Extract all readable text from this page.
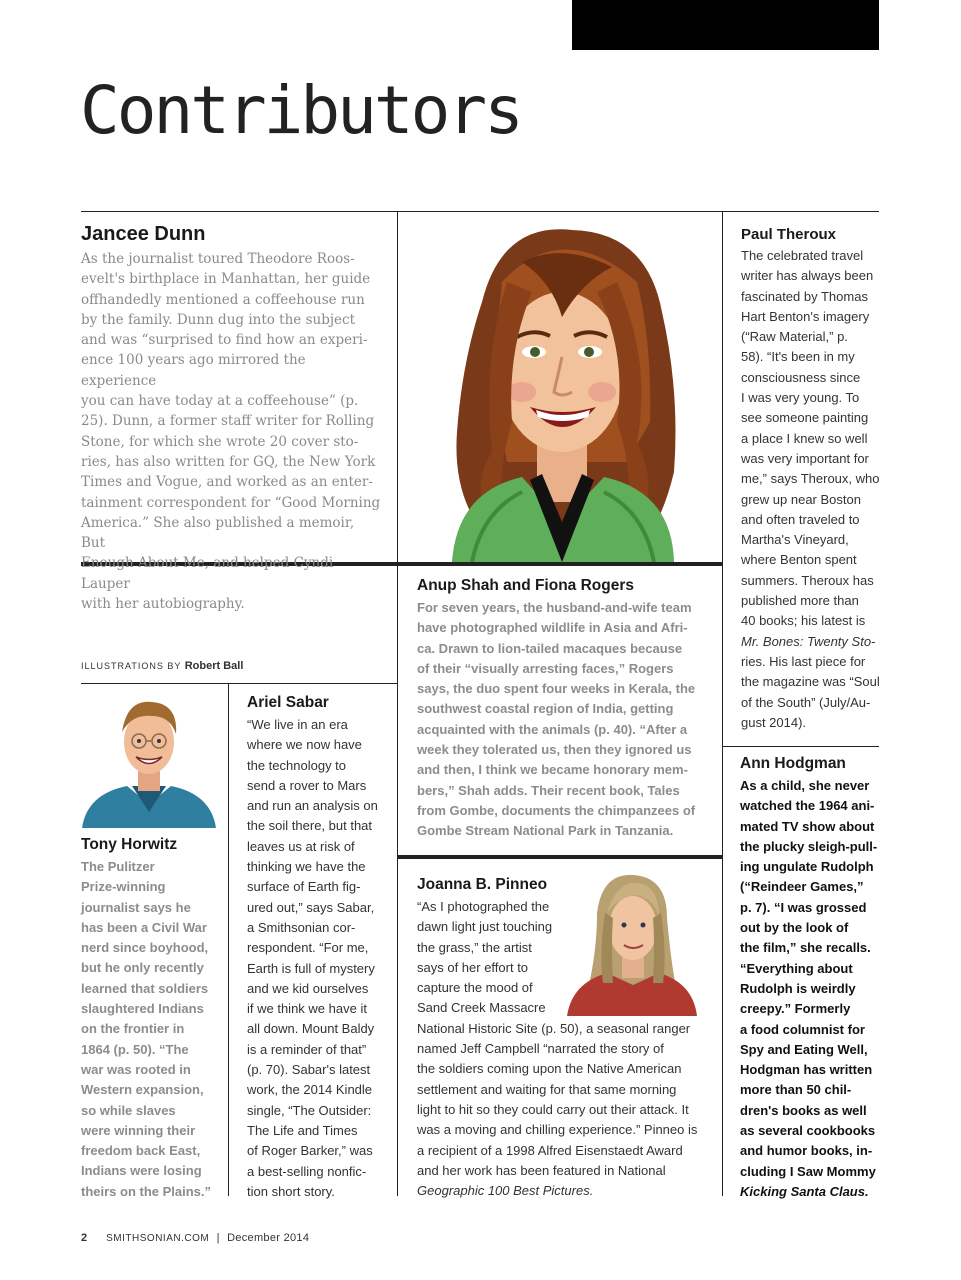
Contributors
Jancee Dunn
As the journalist toured Theodore Roos-
evelt's birthplace in Manhattan, her guide
offhandedly mentioned a coffeehouse run
by the family. Dunn dug into the subject
and was “surprised to find how an experi-
ence 100 years ago mirrored the experience
you can have today at a coffeehouse” (p.
25). Dunn, a former staff writer for Rolling
Stone, for which she wrote 20 cover sto-
ries, has also written for GQ, the New York
Times and Vogue, and worked as an enter-
tainment correspondent for “Good Morning
America.” She also published a memoir, But
Enough About Me, and helped Cyndi Lauper
with her autobiography.
Paul Theroux
The celebrated travel
writer has always been
fascinated by Thomas
Hart Benton's imagery
(“Raw Material,” p.
58). “It's been in my
consciousness since
I was very young. To
see someone painting
a place I knew so well
was very important for
me,” says Theroux, who
grew up near Boston
and often traveled to
Martha's Vineyard,
where Benton spent
summers. Theroux has
published more than
40 books; his latest is
Mr. Bones: Twenty Sto-
ries. His last piece for
the magazine was “Soul
of the South” (July/Au-
gust 2014).
Anup Shah and Fiona Rogers
For seven years, the husband-and-wife team
have photographed wildlife in Asia and Afri-
ca. Drawn to lion-tailed macaques because
of their “visually arresting faces,” Rogers
says, the duo spent four weeks in Kerala, the
southwest coastal region of India, getting
acquainted with the animals (p. 40). “After a
week they tolerated us, then they ignored us
and then, I think we became honorary mem-
bers,” Shah adds. Their recent book, Tales
from Gombe, documents the chimpanzees of
Gombe Stream National Park in Tanzania.
ILLUSTRATIONS BY Robert Ball
Tony Horwitz
The Pulitzer
Prize-winning
journalist says he
has been a Civil War
nerd since boyhood,
but he only recently
learned that soldiers
slaughtered Indians
on the frontier in
1864 (p. 50). “The
war was rooted in
Western expansion,
so while slaves
were winning their
freedom back East,
Indians were losing
theirs on the Plains.”
Ariel Sabar
“We live in an era
where we now have
the technology to
send a rover to Mars
and run an analysis on
the soil there, but that
leaves us at risk of
thinking we have the
surface of Earth fig-
ured out,” says Sabar,
a Smithsonian cor-
respondent. “For me,
Earth is full of mystery
and we kid ourselves
if we think we have it
all down. Mount Baldy
is a reminder of that”
(p. 70). Sabar's latest
work, the 2014 Kindle
single, “The Outsider:
The Life and Times
of Roger Barker,” was
a best-selling nonfic-
tion short story.
Joanna B. Pinneo
“As I photographed the
dawn light just touching
the grass,” the artist
says of her effort to
capture the mood of
Sand Creek Massacre
National Historic Site (p. 50), a seasonal ranger
named Jeff Campbell “narrated the story of
the soldiers coming upon the Native American
settlement and waiting for that same morning
light to hit so they could carry out their attack. It
was a moving and chilling experience.” Pinneo is
a recipient of a 1998 Alfred Eisenstaedt Award
and her work has been featured in National
Geographic 100 Best Pictures.
Ann Hodgman
As a child, she never
watched the 1964 ani-
mated TV show about
the plucky sleigh-pull-
ing ungulate Rudolph
(“Reindeer Games,”
p. 7). “I was grossed
out by the look of
the film,” she recalls.
“Everything about
Rudolph is weirdly
creepy.” Formerly
a food columnist for
Spy and Eating Well,
Hodgman has written
more than 50 chil-
dren's books as well
as several cookbooks
and humor books, in-
cluding I Saw Mommy
Kicking Santa Claus.
2 SMITHSONIAN.COM | December 2014
